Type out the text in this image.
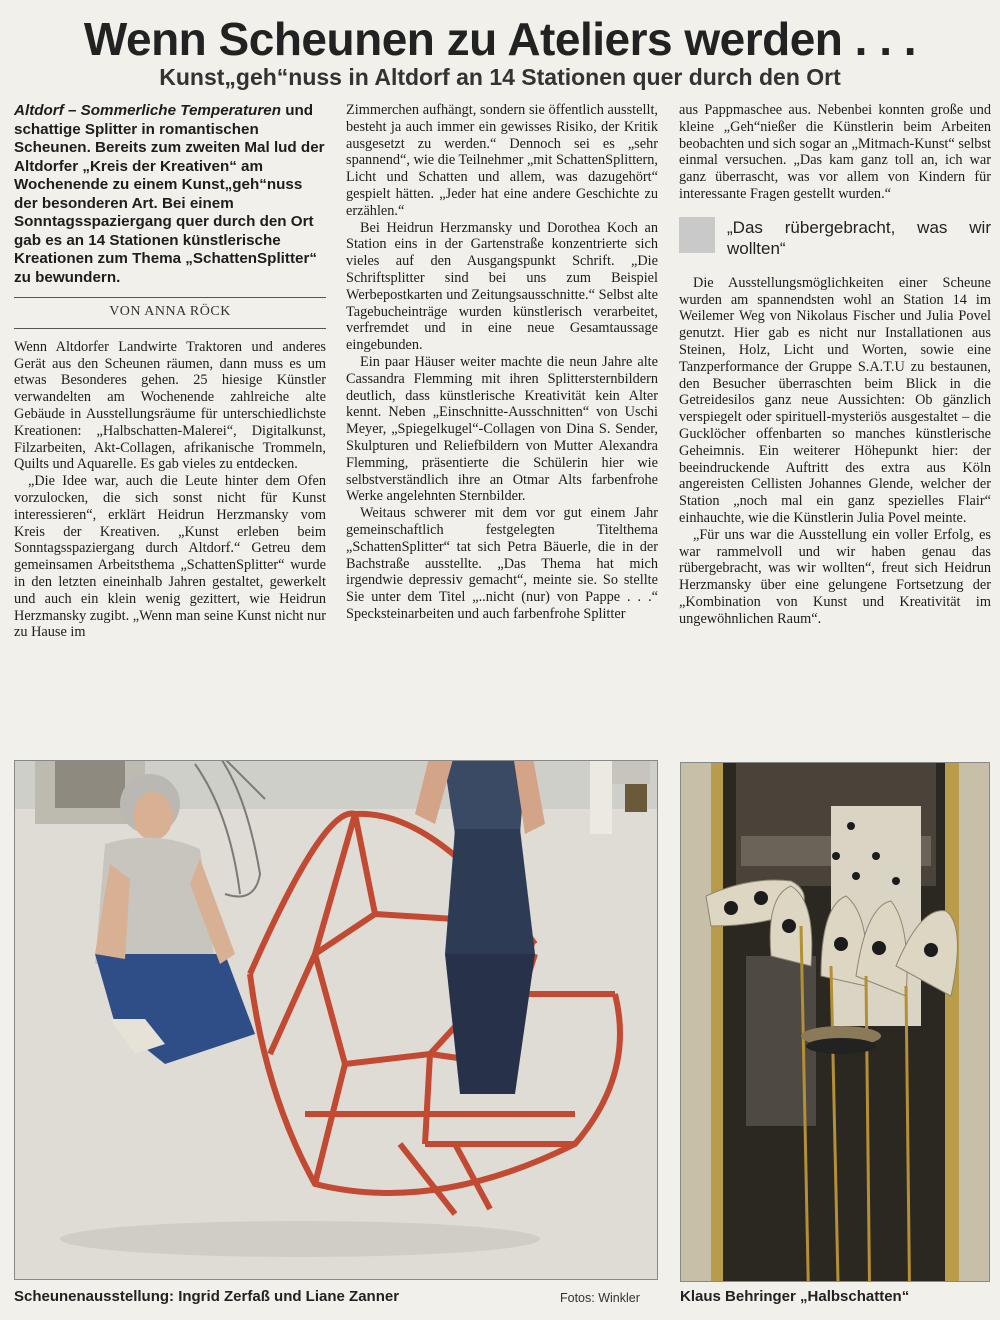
Wenn Scheunen zu Ateliers werden . . .
Kunst„geh“nuss in Altdorf an 14 Stationen quer durch den Ort

Altdorf – Sommerliche Temperaturen und schattige Splitter in romantischen Scheunen. Bereits zum zweiten Mal lud der Altdorfer „Kreis der Kreativen“ am Wochenende zu einem Kunst„geh“nuss der besonderen Art. Bei einem Sonntagsspaziergang quer durch den Ort gab es an 14 Stationen künstlerische Kreationen zum Thema „SchattenSplitter“ zu bewundern.

VON ANNA RÖCK

Wenn Altdorfer Landwirte Traktoren und anderes Gerät aus den Scheunen räumen, dann muss es um etwas Besonderes gehen. 25 hiesige Künstler verwandelten am Wochenende zahlreiche alte Gebäude in Ausstellungsräume für unterschiedlichste Kreationen: „Halbschatten-Malerei“, Digitalkunst, Filzarbeiten, Akt-Collagen, afrikanische Trommeln, Quilts und Aquarelle. Es gab vieles zu entdecken.

„Die Idee war, auch die Leute hinter dem Ofen vorzulocken, die sich sonst nicht für Kunst interessieren“, erklärt Heidrun Herzmansky vom Kreis der Kreativen. „Kunst erleben beim Sonntagsspaziergang durch Altdorf.“ Getreu dem gemeinsamen Arbeitsthema „SchattenSplitter“ wurde in den letzten eineinhalb Jahren gestaltet, gewerkelt und auch ein klein wenig gezittert, wie Heidrun Herzmansky zugibt. „Wenn man seine Kunst nicht nur zu Hause im

Zimmerchen aufhängt, sondern sie öffentlich ausstellt, besteht ja auch immer ein gewisses Risiko, der Kritik ausgesetzt zu werden.“ Dennoch sei es „sehr spannend“, wie die Teilnehmer „mit SchattenSplittern, Licht und Schatten und allem, was dazugehört“ gespielt hätten. „Jeder hat eine andere Geschichte zu erzählen.“

Bei Heidrun Herzmansky und Dorothea Koch an Station eins in der Gartenstraße konzentrierte sich vieles auf den Ausgangspunkt Schrift. „Die Schriftsplitter sind bei uns zum Beispiel Werbepostkarten und Zeitungsausschnitte.“ Selbst alte Tagebucheinträge wurden künstlerisch verarbeitet, verfremdet und in eine neue Gesamtaussage eingebunden.

Ein paar Häuser weiter machte die neun Jahre alte Cassandra Flemming mit ihren Splittersternbildern deutlich, dass künstlerische Kreativität kein Alter kennt. Neben „Einschnitte-Ausschnitten“ von Uschi Meyer, „Spiegelkugel“-Collagen von Dina S. Sender, Skulpturen und Reliefbildern von Mutter Alexandra Flemming, präsentierte die Schülerin hier wie selbstverständlich ihre an Otmar Alts farbenfrohe Werke angelehnten Sternbilder.

Weitaus schwerer mit dem vor gut einem Jahr gemeinschaftlich festgelegten Titelthema „SchattenSplitter“ tat sich Petra Bäuerle, die in der Bachstraße ausstellte. „Das Thema hat mich irgendwie depressiv gemacht“, meinte sie. So stellte Sie unter dem Titel „..nicht (nur) von Pappe . . .“ Specksteinarbeiten und auch farbenfrohe Splitter

aus Pappmaschee aus. Nebenbei konnten große und kleine „Geh“nießer die Künstlerin beim Arbeiten beobachten und sich sogar an „Mitmach-Kunst“ selbst einmal versuchen. „Das kam ganz toll an, ich war ganz überrascht, was vor allem von Kindern für interessante Fragen gestellt wurden.“

„Das rübergebracht, was wir wollten“

Die Ausstellungsmöglichkeiten einer Scheune wurden am spannendsten wohl an Station 14 im Weilemer Weg von Nikolaus Fischer und Julia Povel genutzt. Hier gab es nicht nur Installationen aus Steinen, Holz, Licht und Worten, sowie eine Tanzperformance der Gruppe S.A.T.U zu bestaunen, den Besucher überraschten beim Blick in die Getreidesilos ganz neue Aussichten: Ob gänzlich verspiegelt oder spirituell-mysteriös ausgestaltet – die Gucklöcher offenbarten so manches künstlerische Geheimnis. Ein weiterer Höhepunkt hier: der beeindruckende Auftritt des extra aus Köln angereisten Cellisten Johannes Glende, welcher der Station „noch mal ein ganz spezielles Flair“ einhauchte, wie die Künstlerin Julia Povel meinte.

„Für uns war die Ausstellung ein voller Erfolg, es war rammelvoll und wir haben genau das rübergebracht, was wir wollten“, freut sich Heidrun Herzmansky über eine gelungene Fortsetzung der „Kombination von Kunst und Kreativität im ungewöhnlichen Raum“.

Scheunenausstellung: Ingrid Zerfaß und Liane Zanner	Fotos: Winkler	Klaus Behringer „Halbschatten“
